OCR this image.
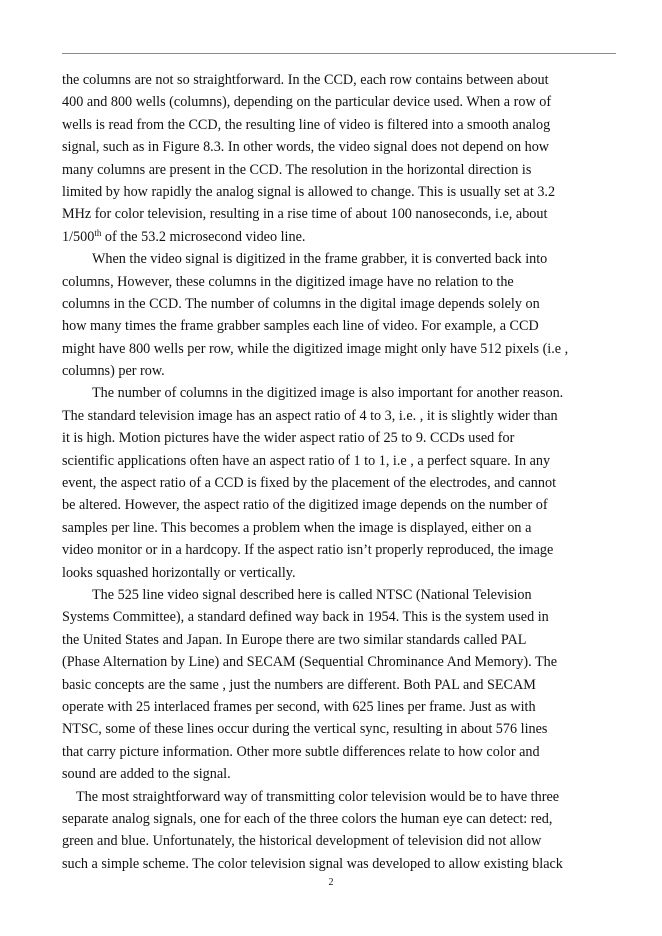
the columns are not so straightforward. In the CCD, each row contains between about
400 and 800 wells (columns), depending on the particular device used. When a row of
wells is read from the CCD, the resulting line of video is filtered into a smooth analog
signal, such as in Figure 8.3. In other words, the video signal does not depend on how
many columns are present in the CCD. The resolution in the horizontal direction is
limited by how rapidly the analog signal is allowed to change. This is usually set at 3.2
MHz for color television, resulting in a rise time of about 100 nanoseconds, i.e, about
1/500th of the 53.2 microsecond video line.
When the video signal is digitized in the frame grabber, it is converted back into
columns, However, these columns in the digitized image have no relation to the
columns in the CCD. The number of columns in the digital image depends solely on
how many times the frame grabber samples each line of video. For example, a CCD
might have 800 wells per row, while the digitized image might only have 512 pixels (i.e ,
columns) per row.
The number of columns in the digitized image is also important for another reason.
The standard television image has an aspect ratio of 4 to 3, i.e. , it is slightly wider than
it is high. Motion pictures have the wider aspect ratio of 25 to 9. CCDs used for
scientific applications often have an aspect ratio of 1 to 1, i.e , a perfect square. In any
event, the aspect ratio of a CCD is fixed by the placement of the electrodes, and cannot
be altered. However, the aspect ratio of the digitized image depends on the number of
samples per line. This becomes a problem when the image is displayed, either on a
video monitor or in a hardcopy. If the aspect ratio isn’t properly reproduced, the image
looks squashed horizontally or vertically.
The 525 line video signal described here is called NTSC (National Television
Systems Committee), a standard defined way back in 1954. This is the system used in
the United States and Japan. In Europe there are two similar standards called PAL
(Phase Alternation by Line) and SECAM (Sequential Chrominance And Memory). The
basic concepts are the same , just the numbers are different. Both PAL and SECAM
operate with 25 interlaced frames per second, with 625 lines per frame. Just as with
NTSC, some of these lines occur during the vertical sync, resulting in about 576 lines
that carry picture information. Other more subtle differences relate to how color and
sound are added to the signal.
The most straightforward way of transmitting color television would be to have three
separate analog signals, one for each of the three colors the human eye can detect: red,
green and blue. Unfortunately, the historical development of television did not allow
such a simple scheme. The color television signal was developed to allow existing black
2
